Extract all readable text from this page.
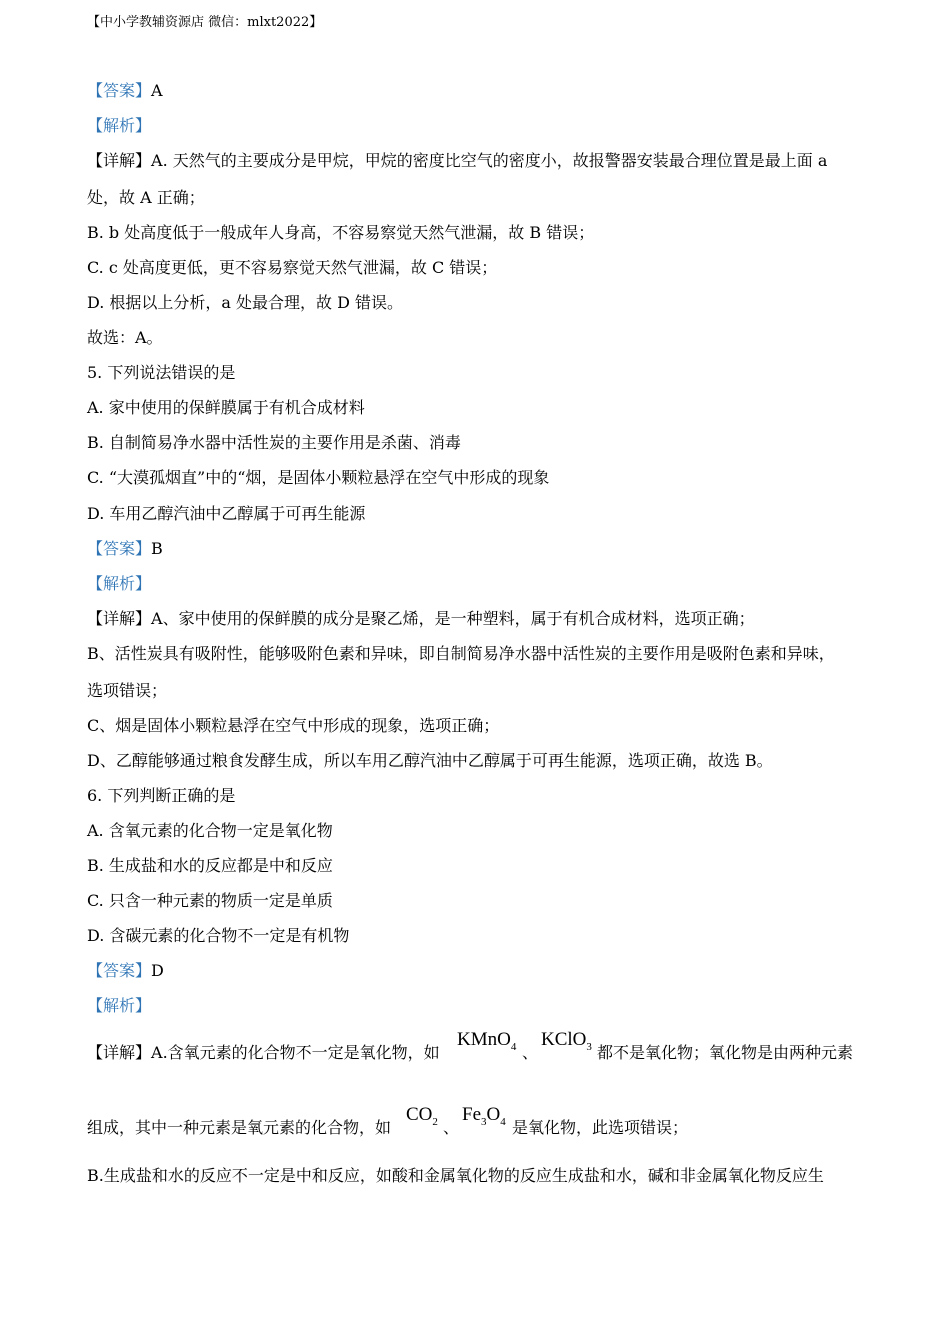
【中小学教辅资源店 微信：mlxt2022】
【答案】A
【解析】
【详解】A. 天然气的主要成分是甲烷，甲烷的密度比空气的密度小，故报警器安装最合理位置是最上面 a
处，故 A 正确；
B. b 处高度低于一般成年人身高，不容易察觉天然气泄漏，故 B 错误；
C. c 处高度更低，更不容易察觉天然气泄漏，故 C 错误；
D. 根据以上分析，a 处最合理，故 D 错误。
故选：A。
5. 下列说法错误的是
A. 家中使用的保鲜膜属于有机合成材料
B. 自制简易净水器中活性炭的主要作用是杀菌、消毒
C. “大漠孤烟直”中的“烟，是固体小颗粒悬浮在空气中形成的现象
D. 车用乙醇汽油中乙醇属于可再生能源
【答案】B
【解析】
【详解】A、家中使用的保鲜膜的成分是聚乙烯，是一种塑料，属于有机合成材料，选项正确；
B、活性炭具有吸附性，能够吸附色素和异味，即自制简易净水器中活性炭的主要作用是吸附色素和异味，
选项错误；
C、烟是固体小颗粒悬浮在空气中形成的现象，选项正确；
D、乙醇能够通过粮食发酵生成，所以车用乙醇汽油中乙醇属于可再生能源，选项正确，故选 B。
6. 下列判断正确的是
A. 含氧元素的化合物一定是氧化物
B. 生成盐和水的反应都是中和反应
C. 只含一种元素的物质一定是单质
D. 含碳元素的化合物不一定是有机物
【答案】D
【解析】
【详解】A.含氧元素的化合物不一定是氧化物，如
KMnO$_4$ 、
KClO$_3$ 都不是氧化物；氧化物是由两种元素
组成，其中一种元素是氧元素的化合物，如
$CO_2$ 、
$Fe_3O_4$ 是氧化物，此选项错误；
B.生成盐和水的反应不一定是中和反应，如酸和金属氧化物的反应生成盐和水，碱和非金属氧化物反应生
